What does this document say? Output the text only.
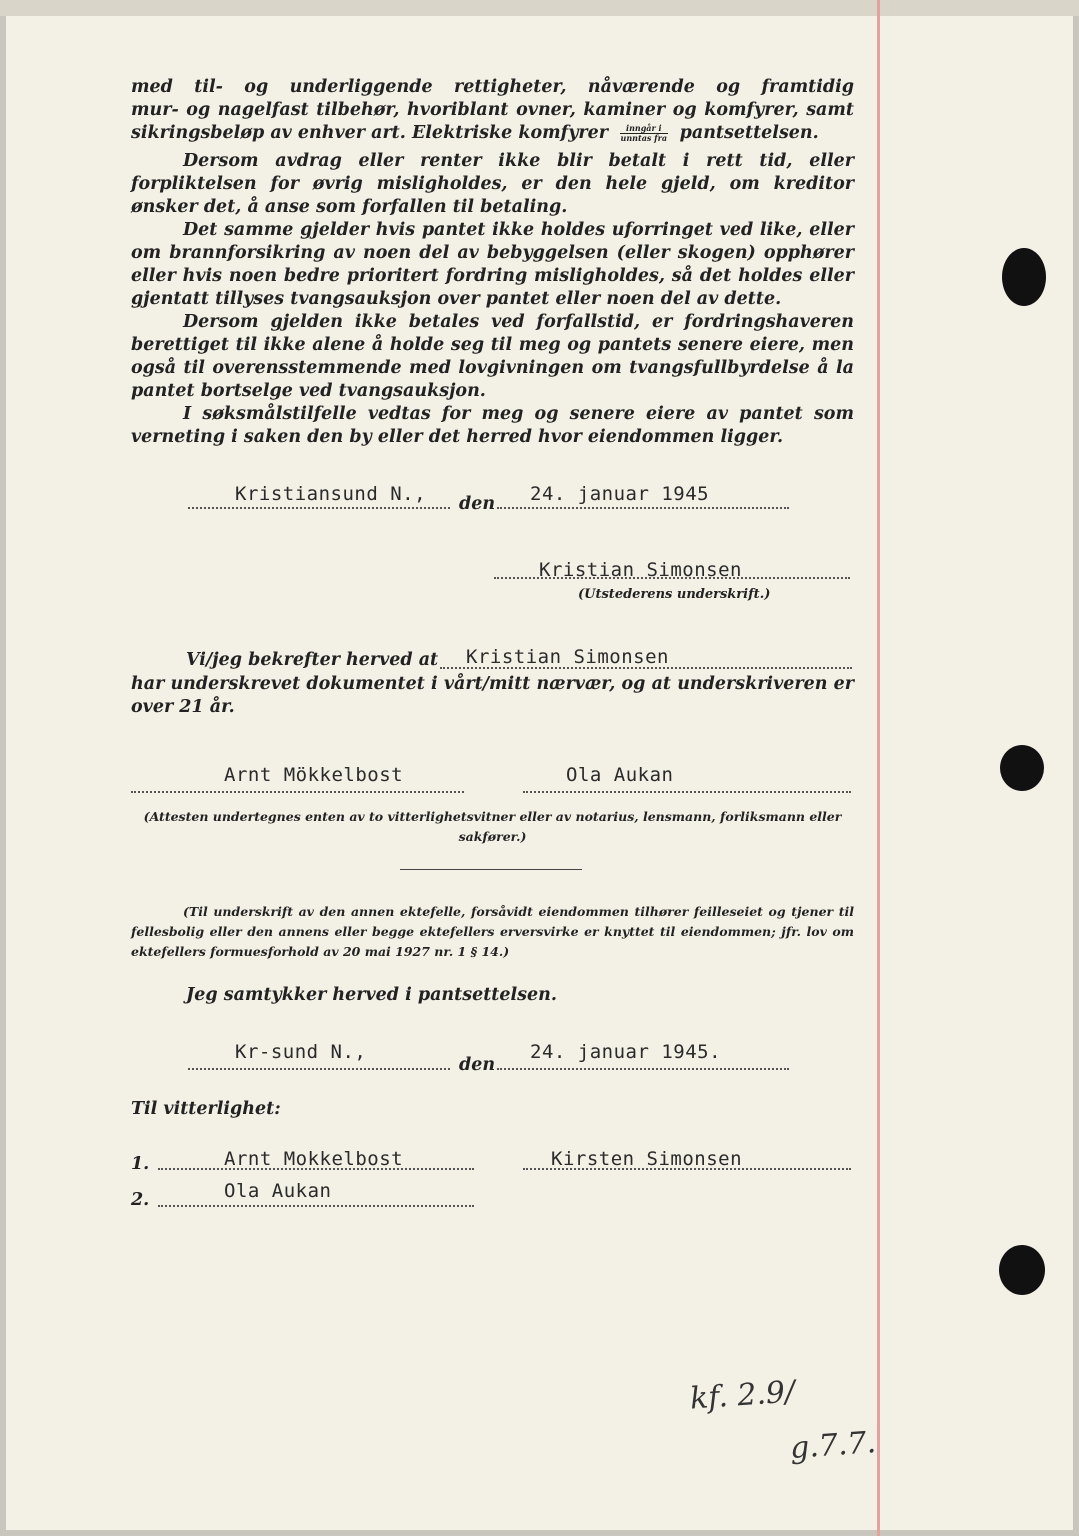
med til- og underliggende rettigheter, nåværende og framtidig

mur- og nagelfast tilbehør, hvoriblant ovner, kaminer og komfyrer, samt

sikringsbeløp av enhver art. Elektriske komfyrer $\frac{\text{inngår i}}{\text{unntas fra}}$ pantsettelsen.

Dersom avdrag eller renter ikke blir betalt i rett tid, eller forpliktelsen for øvrig misligholdes, er den hele gjeld, om kreditor ønsker det, å anse som forfallen til betaling.

Det samme gjelder hvis pantet ikke holdes uforringet ved like, eller om brannforsikring av noen del av bebyggelsen (eller skogen) opphører eller hvis noen bedre prioritert fordring misligholdes, så det holdes eller gjentatt tillyses tvangsauksjon over pantet eller noen del av dette.

Dersom gjelden ikke betales ved forfallstid, er fordringshaveren berettiget til ikke alene å holde seg til meg og pantets senere eiere, men også til overensstemmende med lovgivningen om tvangsfullbyrdelse å la pantet bortselge ved tvangsauksjon.

I søksmålstilfelle vedtas for meg og senere eiere av pantet som verneting i saken den by eller det herred hvor eiendommen ligger.

Kristiansund N., den 24. januar 1945
Kristian Simonsen
(Utstederens underskrift.)
Vi/jeg bekrefter herved at Kristian Simonsen

har underskrevet dokumentet i vårt/mitt nærvær, og at underskriveren er over 21 år.

Arnt Mökkelbost	Ola Aukan
(Attesten undertegnes enten av to vitterlighetsvitner eller av notarius, lensmann, forliksmann eller sakfører.)
(Til underskrift av den annen ektefelle, forsåvidt eiendommen tilhører feilleseiet og tjener til fellesbolig eller den annens eller begge ektefellers erversvirke er knyttet til eiendommen; jfr. lov om ektefellers formuesforhold av 20 mai 1927 nr. 1 § 14.)
Jeg samtykker herved i pantsettelsen.
Kr-sund N.,
den
24. januar 1945.
Til vitterlighet:
1.	Arnt Mokkelbost	Kirsten Simonsen
2.	Ola Aukan
kf. 2.9/
g.7.7.
